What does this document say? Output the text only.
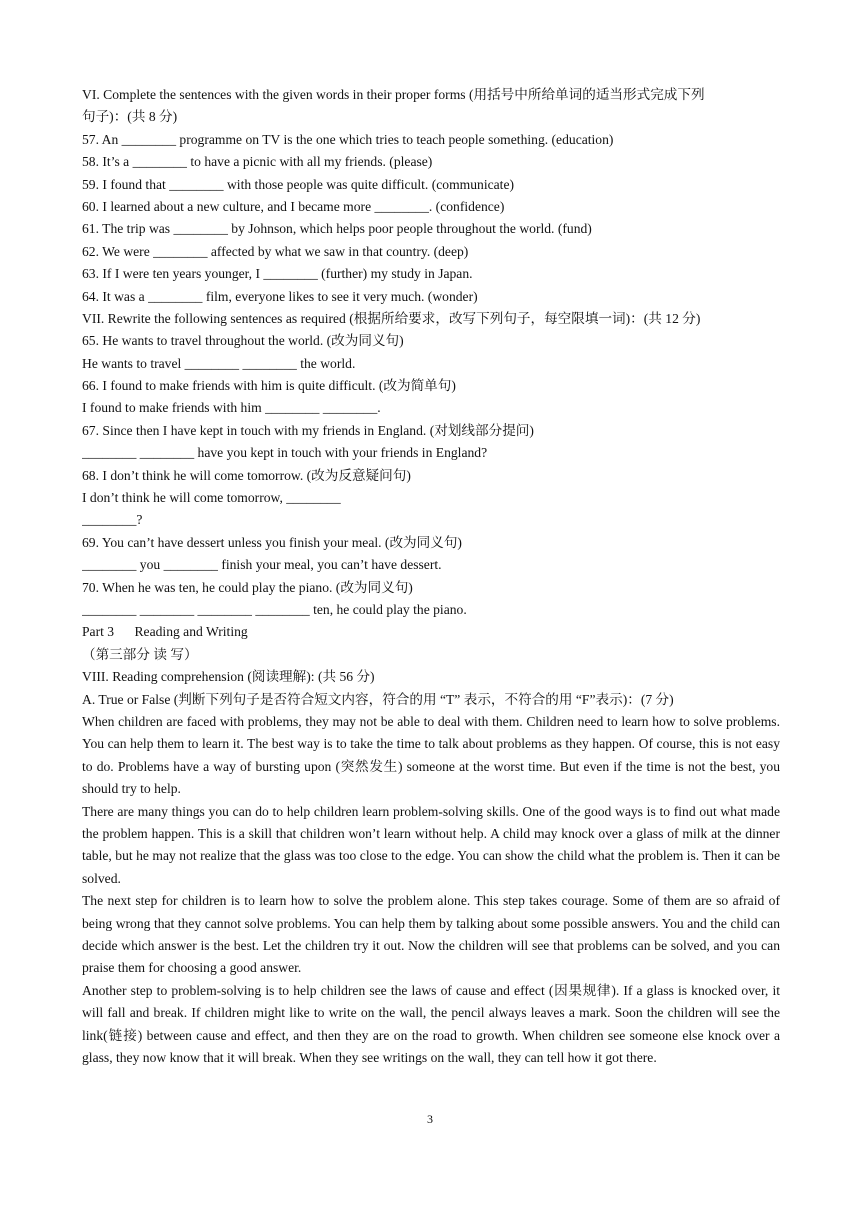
VI. Complete the sentences with the given words in their proper forms (用括号中所给单词的适当形式完成下列
句子)：(共 8 分)
57. An ________ programme on TV is the one which tries to teach people something. (education)
58. It’s a ________ to have a picnic with all my friends. (please)
59. I found that ________ with those people was quite difficult. (communicate)
60. I learned about a new culture, and I became more ________. (confidence)
61. The trip was ________ by Johnson, which helps poor people throughout the world. (fund)
62. We were ________ affected by what we saw in that country. (deep)
63. If I were ten years younger, I ________ (further) my study in Japan.
64. It was a ________ film, everyone likes to see it very much. (wonder)
VII. Rewrite the following sentences as required (根据所给要求，改写下列句子，每空限填一词)：(共 12 分)
65. He wants to travel throughout the world. (改为同义句)
He wants to travel ________ ________ the world.
66. I found to make friends with him is quite difficult. (改为简单句)
I found to make friends with him ________ ________.
67. Since then I have kept in touch with my friends in England. (对划线部分提问)
________ ________ have you kept in touch with your friends in England?
68. I don’t think he will come tomorrow. (改为反意疑问句)
I don’t think he will come tomorrow, ________
________?
69. You can’t have dessert unless you finish your meal. (改为同义句)
________ you ________ finish your meal, you can’t have dessert.
70. When he was ten, he could play the piano. (改为同义句)
________ ________ ________ ________ ten, he could play the piano.
Part 3      Reading and Writing
（第三部分 读 写）
VIII. Reading comprehension (阅读理解): (共 56 分)
A. True or False (判断下列句子是否符合短文内容，符合的用 “T” 表示，不符合的用 “F”表示)：(7 分)
When children are faced with problems, they may not be able to deal with them. Children need to learn how to solve problems. You can help them to learn it. The best way is to take the time to talk about problems as they happen. Of course, this is not easy to do. Problems have a way of bursting upon (突然发生) someone at the worst time. But even if the time is not the best, you should try to help.
There are many things you can do to help children learn problem-solving skills. One of the good ways is to find out what made the problem happen. This is a skill that children won’t learn without help. A child may knock over a glass of milk at the dinner table, but he may not realize that the glass was too close to the edge. You can show the child what the problem is. Then it can be solved.
The next step for children is to learn how to solve the problem alone. This step takes courage. Some of them are so afraid of being wrong that they cannot solve problems. You can help them by talking about some possible answers. You and the child can decide which answer is the best. Let the children try it out. Now the children will see that problems can be solved, and you can praise them for choosing a good answer.
Another step to problem-solving is to help children see the laws of cause and effect (因果规律). If a glass is knocked over, it will fall and break. If children might like to write on the wall, the pencil always leaves a mark. Soon the children will see the link(链接) between cause and effect, and then they are on the road to growth. When children see someone else knock over a glass, they now know that it will break. When they see writings on the wall, they can tell how it got there.
3
